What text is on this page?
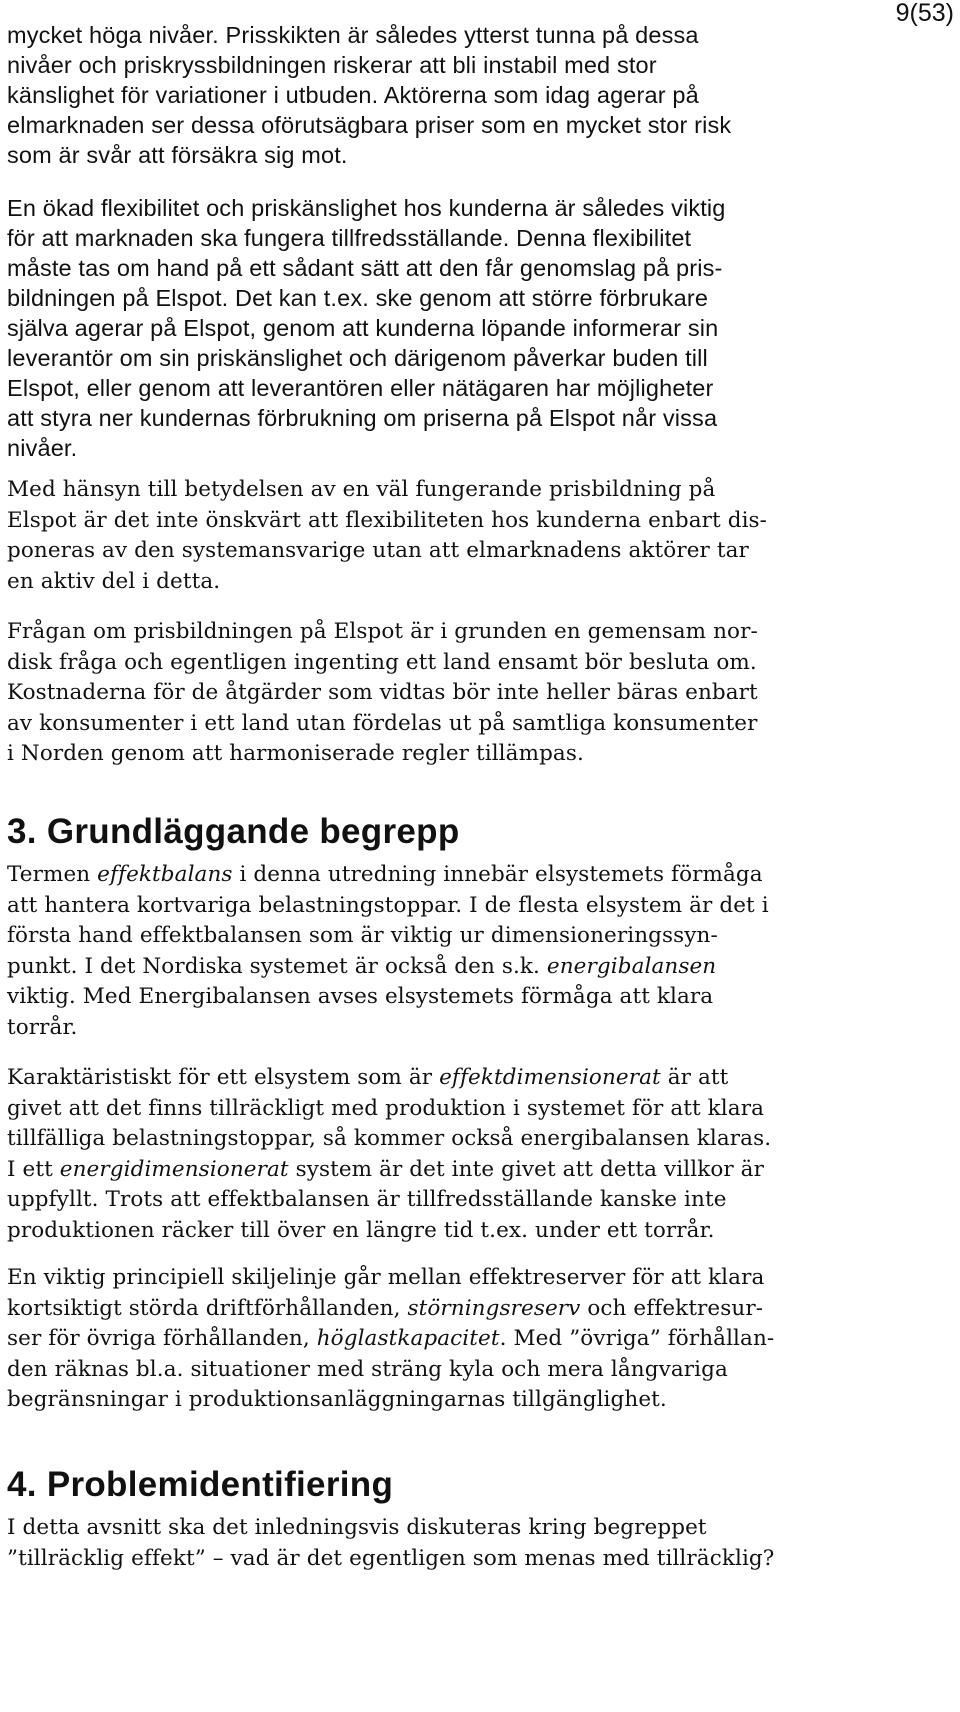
9(53)
mycket höga nivåer. Prisskikten är således ytterst tunna på dessa
nivåer och priskryssbildningen riskerar att bli instabil med stor
känslighet för variationer i utbuden. Aktörerna som idag agerar på
elmarknaden ser dessa oförutsägbara priser som en mycket stor risk
som är svår att försäkra sig mot.
En ökad flexibilitet och priskänslighet hos kunderna är således viktig
för att marknaden ska fungera tillfredsställande. Denna flexibilitet
måste tas om hand på ett sådant sätt att den får genomslag på pris-
bildningen på Elspot. Det kan t.ex. ske genom att större förbrukare
själva agerar på Elspot, genom att kunderna löpande informerar sin
leverantör om sin priskänslighet och därigenom påverkar buden till
Elspot, eller genom att leverantören eller nätägaren har möjligheter
att styra ner kundernas förbrukning om priserna på Elspot når vissa
nivåer.
Med hänsyn till betydelsen av en väl fungerande prisbildning på
Elspot är det inte önskvärt att flexibiliteten hos kunderna enbart dis-
poneras av den systemansvarige utan att elmarknadens aktörer tar
en aktiv del i detta.
Frågan om prisbildningen på Elspot är i grunden en gemensam nor-
disk fråga och egentligen ingenting ett land ensamt bör besluta om.
Kostnaderna för de åtgärder som vidtas bör inte heller bäras enbart
av konsumenter i ett land utan fördelas ut på samtliga konsumenter
i Norden genom att harmoniserade regler tillämpas.
3. Grundläggande begrepp
Termen effektbalans i denna utredning innebär elsystemets förmåga
att hantera kortvariga belastningstoppar. I de flesta elsystem är det i
första hand effektbalansen som är viktig ur dimensioneringssyn-
punkt. I det Nordiska systemet är också den s.k. energibalansen
viktig. Med Energibalansen avses elsystemets förmåga att klara
torrår.
Karaktäristiskt för ett elsystem som är effektdimensionerat är att
givet att det finns tillräckligt med produktion i systemet för att klara
tillfälliga belastningstoppar, så kommer också energibalansen klaras.
I ett energidimensionerat system är det inte givet att detta villkor är
uppfyllt. Trots att effektbalansen är tillfredsställande kanske inte
produktionen räcker till över en längre tid t.ex. under ett torrår.
En viktig principiell skiljelinje går mellan effektreserver för att klara
kortsiktigt störda driftförhållanden, störningsreserv och effektresur-
ser för övriga förhållanden, höglastkapacitet. Med ”övriga” förhållan-
den räknas bl.a. situationer med sträng kyla och mera långvariga
begränsningar i produktionsanläggningarnas tillgänglighet.
4. Problemidentifiering
I detta avsnitt ska det inledningsvis diskuteras kring begreppet
”tillräcklig effekt” – vad är det egentligen som menas med tillräcklig?
